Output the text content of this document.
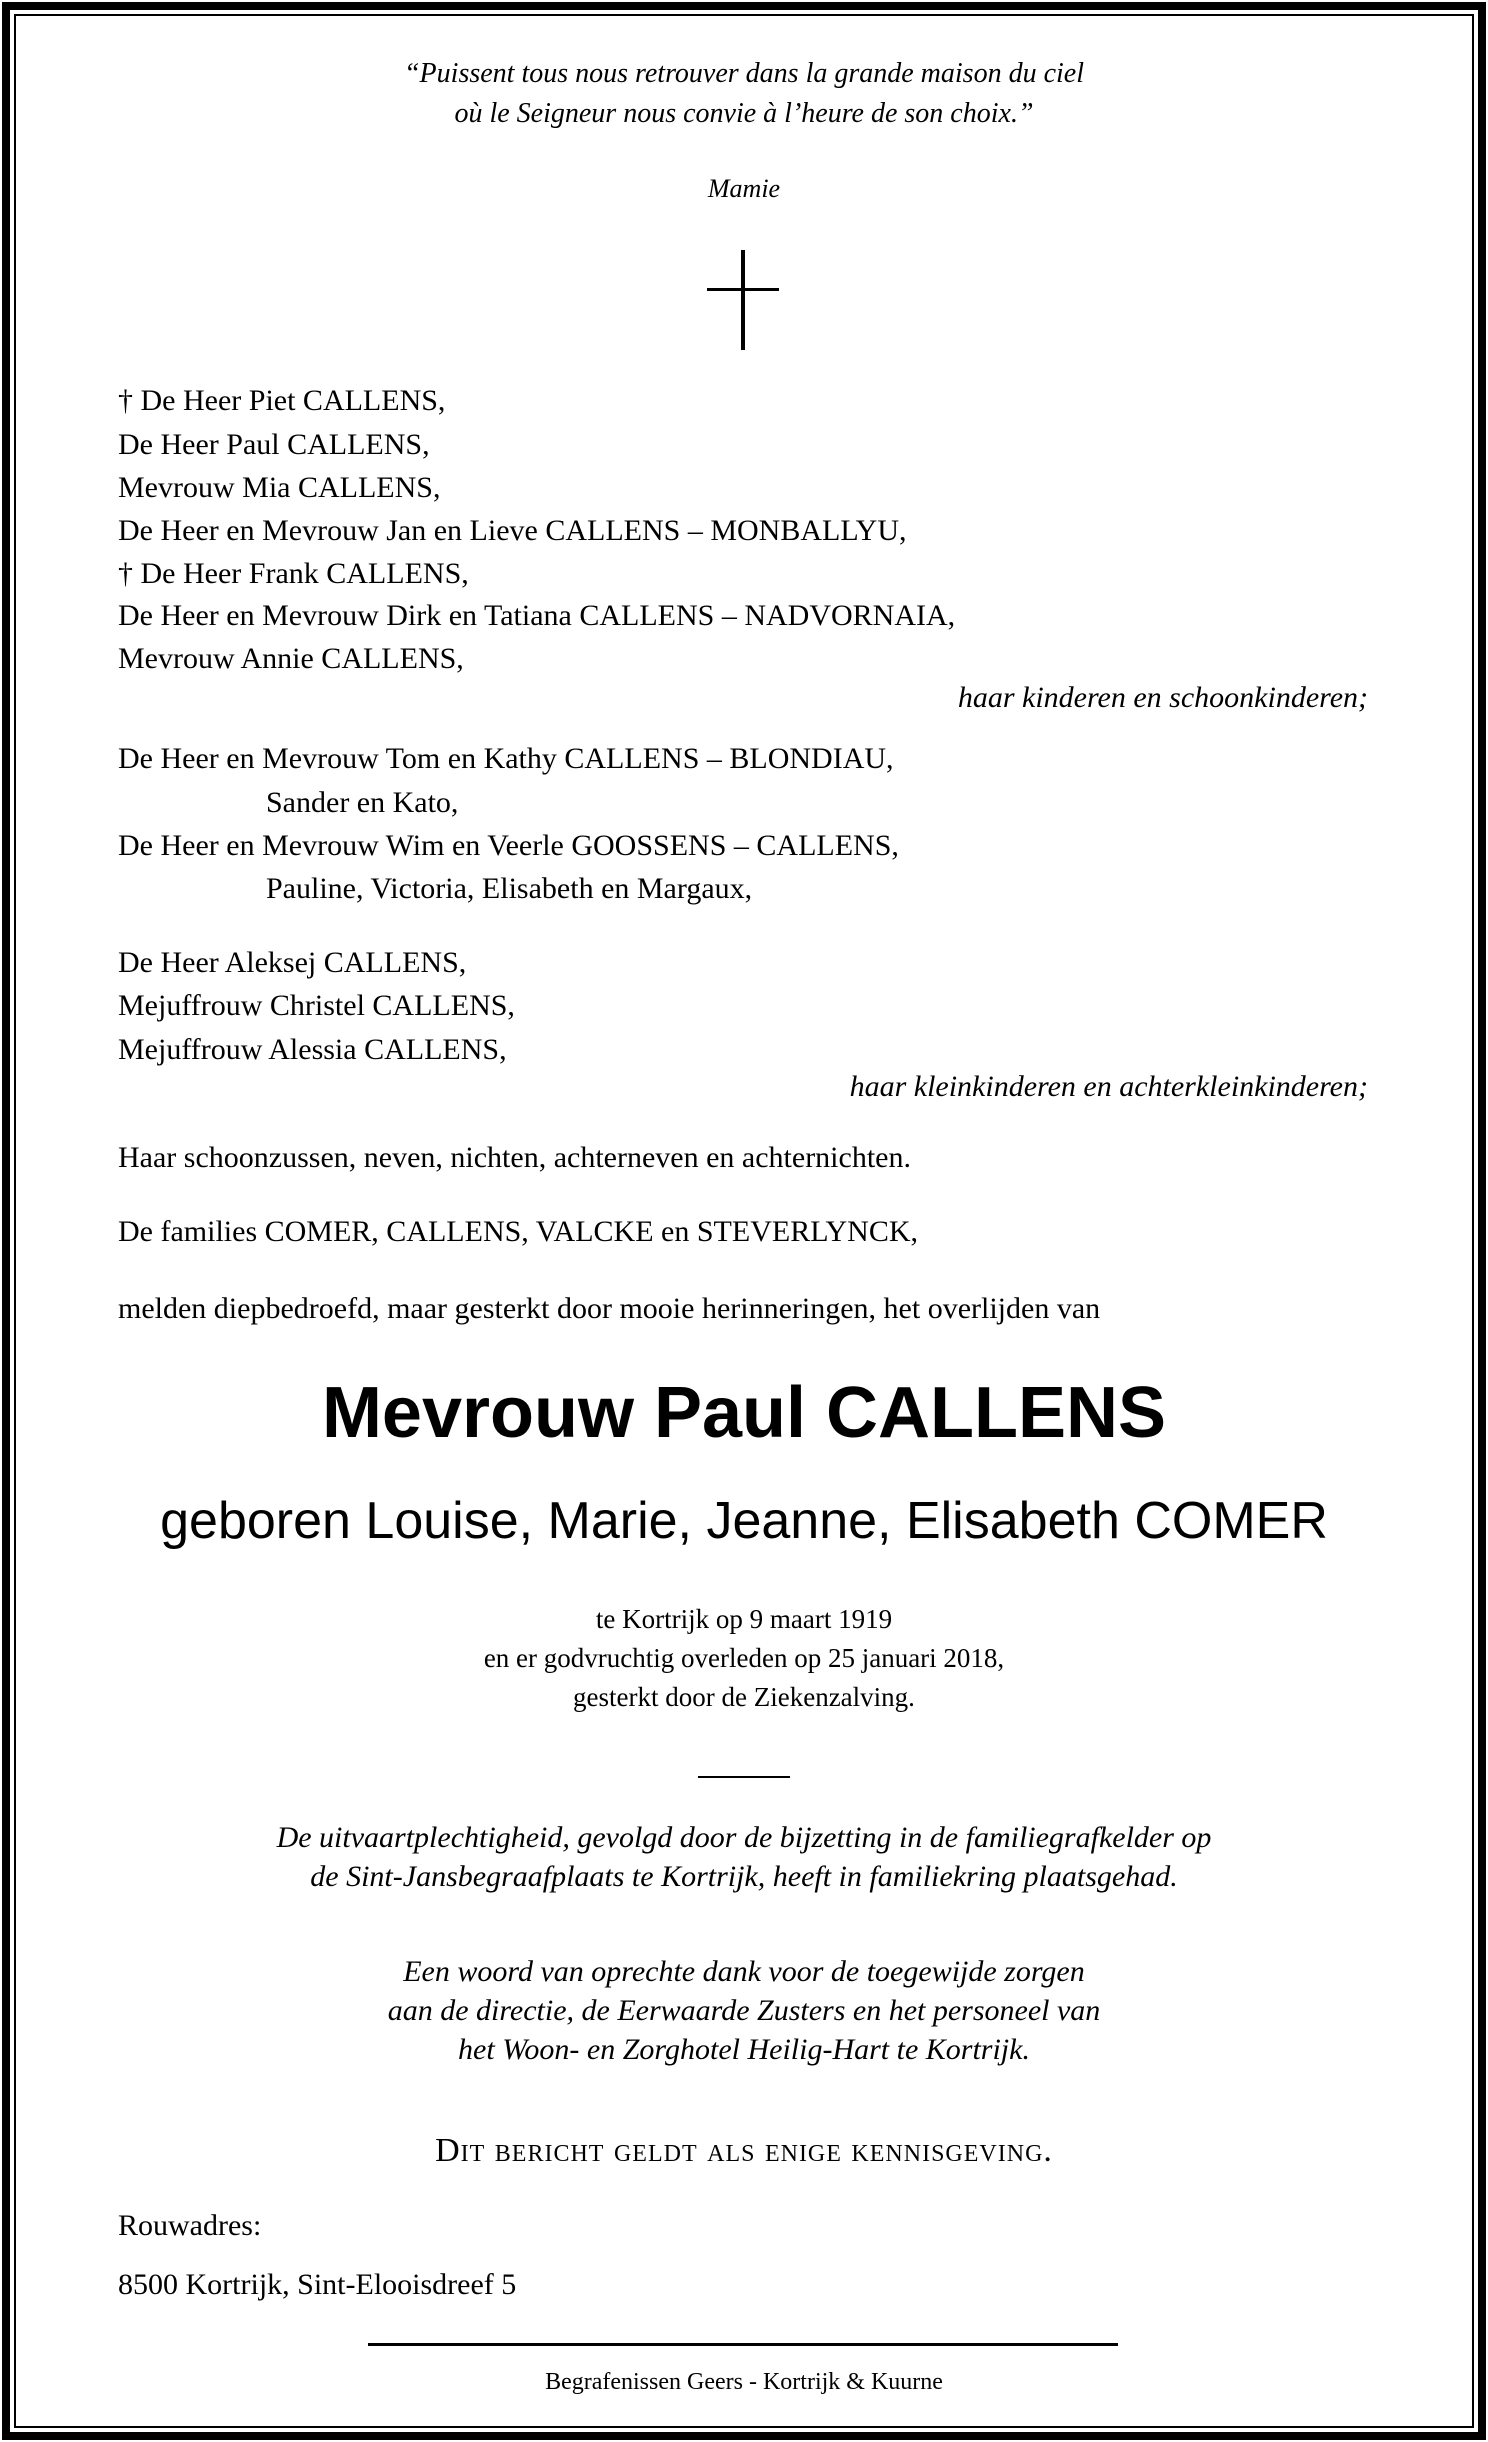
“Puissent tous nous retrouver dans la grande maison du ciel
où le Seigneur nous convie à l’heure de son choix.”
Mamie
† De Heer Piet CALLENS,
De Heer Paul CALLENS,
Mevrouw Mia CALLENS,
De Heer en Mevrouw Jan en Lieve CALLENS – MONBALLYU,
† De Heer Frank CALLENS,
De Heer en Mevrouw Dirk en Tatiana CALLENS – NADVORNAIA,
Mevrouw Annie CALLENS,
haar kinderen en schoonkinderen;
De Heer en Mevrouw Tom en Kathy CALLENS – BLONDIAU,
Sander en Kato,
De Heer en Mevrouw Wim en Veerle GOOSSENS – CALLENS,
Pauline, Victoria, Elisabeth en Margaux,
De Heer Aleksej CALLENS,
Mejuffrouw Christel CALLENS,
Mejuffrouw Alessia CALLENS,
haar kleinkinderen en achterkleinkinderen;
Haar schoonzussen, neven, nichten, achterneven en achternichten.
De families COMER, CALLENS, VALCKE en STEVERLYNCK,
melden diepbedroefd, maar gesterkt door mooie herinneringen, het overlijden van
Mevrouw Paul CALLENS
geboren Louise, Marie, Jeanne, Elisabeth COMER
te Kortrijk op 9 maart 1919
en er godvruchtig overleden op 25 januari 2018,
gesterkt door de Ziekenzalving.
De uitvaartplechtigheid, gevolgd door de bijzetting in de familiegrafkelder op
de Sint-Jansbegraafplaats te Kortrijk, heeft in familiekring plaatsgehad.
Een woord van oprechte dank voor de toegewijde zorgen
aan de directie, de Eerwaarde Zusters en het personeel van
het Woon- en Zorghotel Heilig-Hart te Kortrijk.
Dit bericht geldt als enige kennisgeving.
Rouwadres:
8500 Kortrijk, Sint-Elooisdreef 5
Begrafenissen Geers - Kortrijk & Kuurne
